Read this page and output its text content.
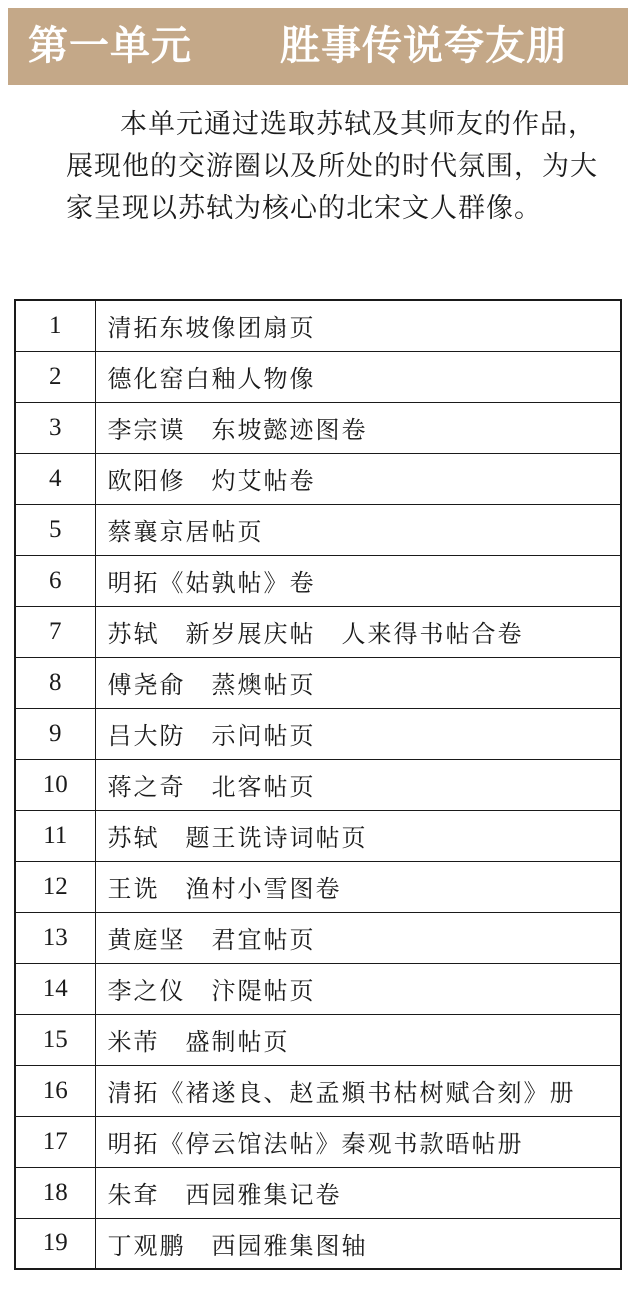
第一单元 胜事传说夸友朋

本单元通过选取苏轼及其师友的作品，展现他的交游圈以及所处的时代氛围，为大家呈现以苏轼为核心的北宋文人群像。

1	清拓东坡像团扇页
2	德化窑白釉人物像
3	李宗谟　东坡懿迹图卷
4	欧阳修　灼艾帖卷
5	蔡襄京居帖页
6	明拓《姑孰帖》卷
7	苏轼　新岁展庆帖　人来得书帖合卷
8	傅尧俞　蒸燠帖页
9	吕大防　示问帖页
10	蒋之奇　北客帖页
11	苏轼　题王诜诗词帖页
12	王诜　渔村小雪图卷
13	黄庭坚　君宜帖页
14	李之仪　汴隄帖页
15	米芾　盛制帖页
16	清拓《褚遂良、赵孟頫书枯树赋合刻》册
17	明拓《停云馆法帖》秦观书款晤帖册
18	朱耷　西园雅集记卷
19	丁观鹏　西园雅集图轴
